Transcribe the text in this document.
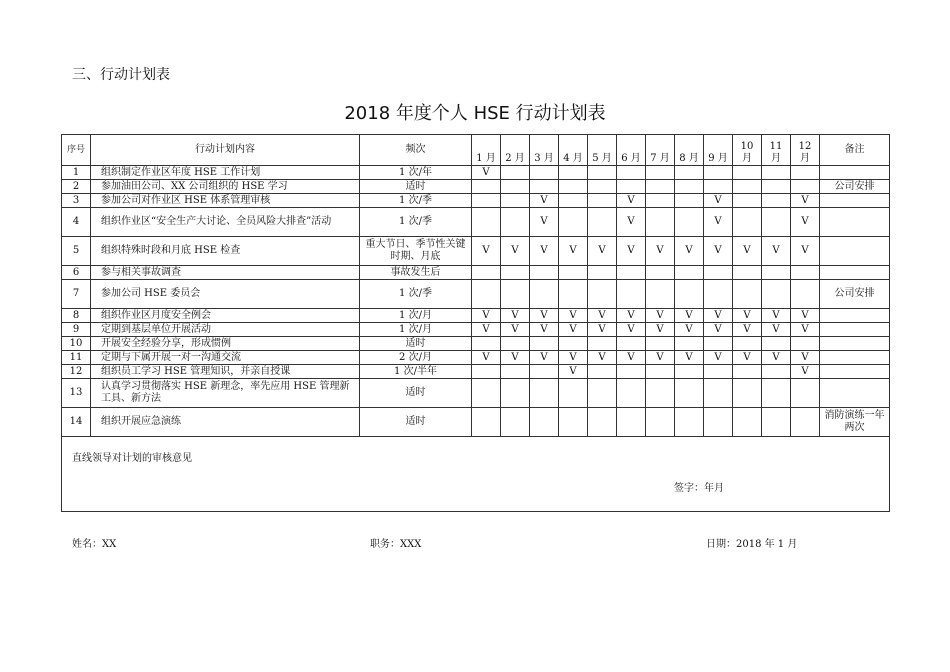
三、行动计划表
2018 年度个人 HSE 行动计划表
序号	行动计划内容	频次	1 月	2 月	3 月	4 月	5 月	6 月	7 月	8 月	9 月	10 月	11 月	12 月	备注
1	组织制定作业区年度 HSE 工作计划	1 次/年	V												
2	参加油田公司、XX 公司组织的 HSE 学习	适时													公司安排
3	参加公司对作业区 HSE 体系管理审核	1 次/季			V			V			V			V	
4	组织作业区“安全生产大讨论、全员风险大排查”活动	1 次/季			V			V			V			V	
5	组织特殊时段和月底 HSE 检查	重大节日、季节性关键时期、月底	V	V	V	V	V	V	V	V	V	V	V	V	
6	参与相关事故调查	事故发生后													
7	参加公司 HSE 委员会	1 次/季													公司安排
8	组织作业区月度安全例会	1 次/月	V	V	V	V	V	V	V	V	V	V	V	V	
9	定期到基层单位开展活动	1 次/月	V	V	V	V	V	V	V	V	V	V	V	V	
10	开展安全经验分享，形成惯例	适时													
11	定期与下属开展一对一沟通交流	2 次/月	V	V	V	V	V	V	V	V	V	V	V	V	
12	组织员工学习 HSE 管理知识，并亲自授课	1 次/半年				V								V	
13	认真学习贯彻落实 HSE 新理念，率先应用 HSE 管理新工具、新方法	适时													
14	组织开展应急演练	适时													消防演练一年两次

直线领导对计划的审核意见
签字：年月															
姓名：XX	职务：XXX	日期：2018 年 1 月
